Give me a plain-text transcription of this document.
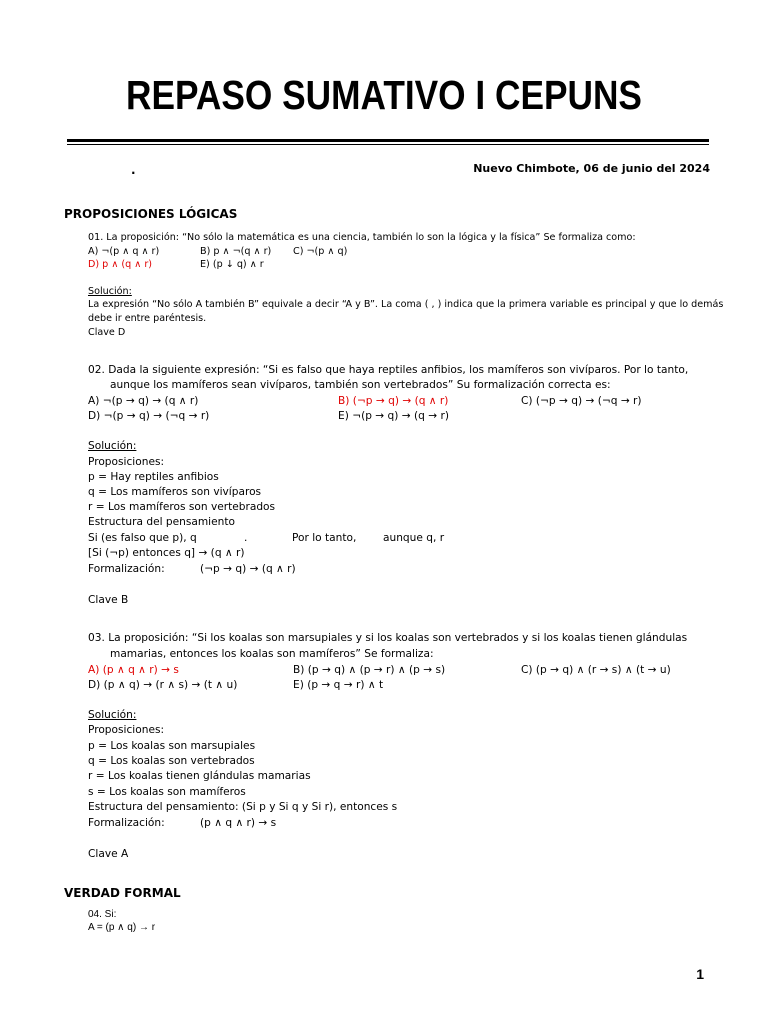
REPASO SUMATIVO I CEPUNS
.	Nuevo Chimbote, 06 de junio del 2024
PROPOSICIONES LÓGICAS
01. La proposición: “No sólo la matemática es una ciencia, también lo son la lógica y la física” Se formaliza como:
A) ¬(p ∧ q ∧ r)	B) p ∧ ¬(q ∧ r) C) ¬(p ∧ q)
D) p ∧ (q ∧ r)	E) (p ↓ q) ∧ r
Solución:
La expresión “No sólo A también B” equivale a decir “A y B”. La coma ( , ) indica que la primera variable es principal y que lo demás
debe ir entre paréntesis.
Clave D
02. Dada la siguiente expresión: “Si es falso que haya reptiles anfibios, los mamíferos son vivíparos. Por lo tanto,
aunque los mamíferos sean vivíparos, también son vertebrados” Su formalización correcta es:
A) ¬(p → q) → (q ∧ r)	B) (¬p → q) → (q ∧ r)	C) (¬p → q) → (¬q → r)
D) ¬(p → q) → (¬q → r)	E) ¬(p → q) → (q → r)
Solución:
Proposiciones:
p = Hay reptiles anfibios
q = Los mamíferos son vivíparos
r = Los mamíferos son vertebrados
Estructura del pensamiento
Si (es falso que p), q	.	Por lo tanto,	aunque q, r
[Si (¬p) entonces q] → (q ∧ r)
Formalización:	(¬p → q) → (q ∧ r)
Clave B
03. La proposición: “Si los koalas son marsupiales y si los koalas son vertebrados y si los koalas tienen glándulas
mamarias, entonces los koalas son mamíferos” Se formaliza:
A) (p ∧ q ∧ r) → s	B) (p → q) ∧ (p → r) ∧ (p → s)	C) (p → q) ∧ (r → s) ∧ (t → u)
D) (p ∧ q) → (r ∧ s) → (t ∧ u)	E) (p → q → r) ∧ t
Solución:
Proposiciones:
p = Los koalas son marsupiales
q = Los koalas son vertebrados
r = Los koalas tienen glándulas mamarias
s = Los koalas son mamíferos
Estructura del pensamiento: (Si p y Si q y Si r), entonces s
Formalización:	(p ∧ q ∧ r) → s
Clave A
VERDAD FORMAL
04. Si:
A = (p ∧ q) → r
1
